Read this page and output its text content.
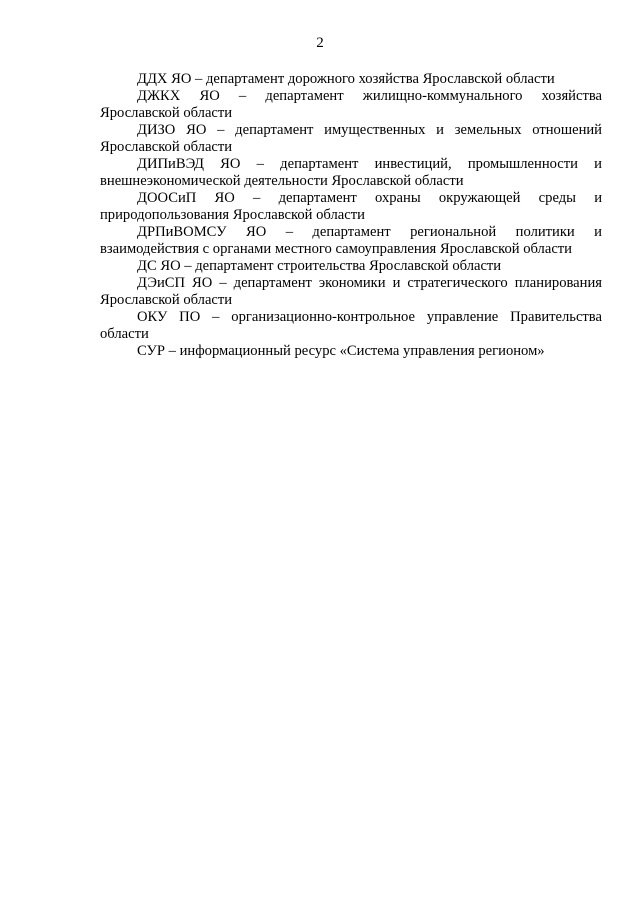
2
ДДХ ЯО – департамент дорожного хозяйства Ярославской области
ДЖКХ ЯО – департамент жилищно-коммунального хозяйства Ярославской области
ДИЗО ЯО – департамент имущественных и земельных отношений Ярославской области
ДИПиВЭД ЯО – департамент инвестиций, промышленности и внешнеэкономической деятельности Ярославской области
ДООСиП ЯО – департамент охраны окружающей среды и природопользования Ярославской области
ДРПиВОМСУ ЯО – департамент региональной политики и взаимодействия с органами местного самоуправления Ярославской области
ДС ЯО – департамент строительства Ярославской области
ДЭиСП ЯО – департамент экономики и стратегического планирования Ярославской области
ОКУ ПО – организационно-контрольное управление Правительства области
СУР – информационный ресурс «Система управления регионом»
